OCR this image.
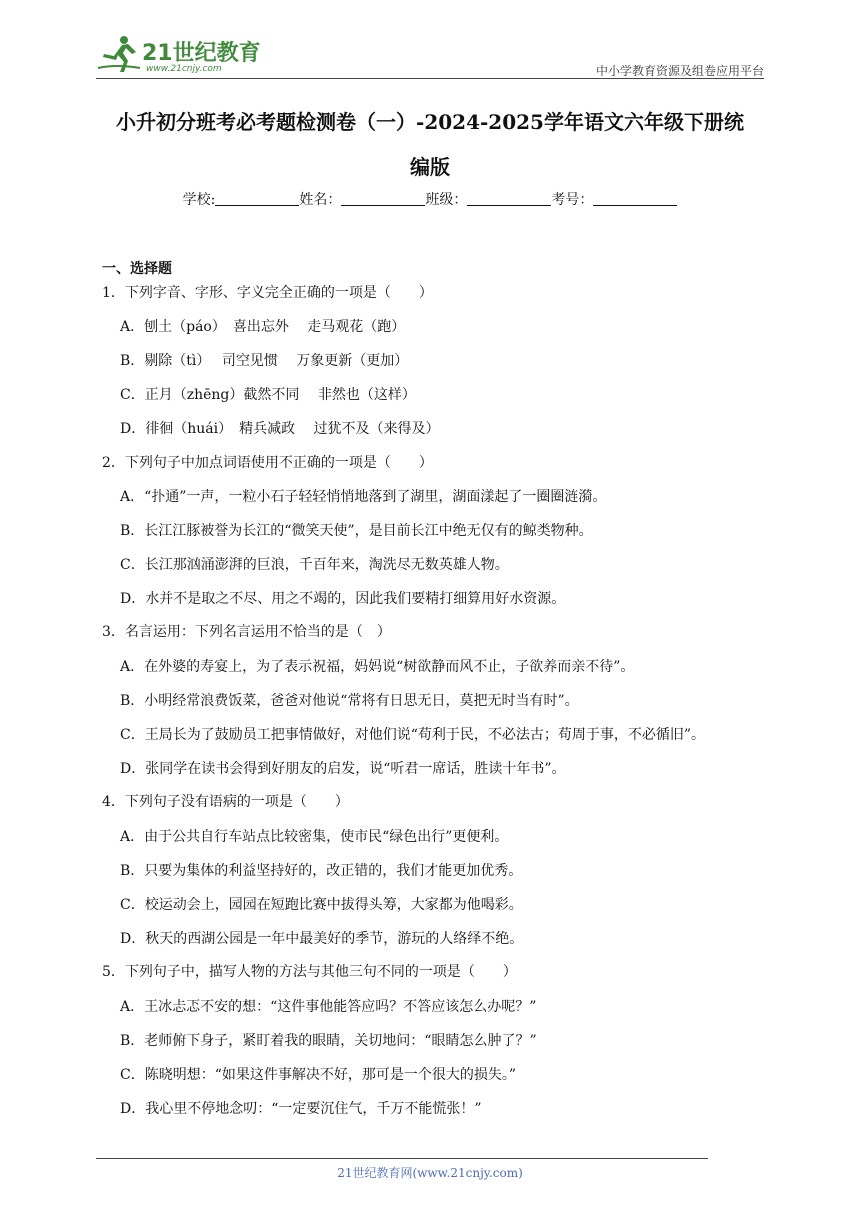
21世纪教育
www.21cnjy.com	中小学教育资源及组卷应用平台
小升初分班考必考题检测卷（一）-2024-2025学年语文六年级下册统
编版
学校:	姓名：	班级：	考号：
一、选择题
1．下列字音、字形、字义完全正确的一项是（　　）
A．刨土（páo）　喜出忘外　 走马观花（跑）
B．剔除（tì）　 司空见惯　 万象更新（更加）
C．正月（zhēng）截然不同　 非然也（这样）
D．徘徊（huái）　精兵减政　 过犹不及（来得及）
2．下列句子中加点词语使用不正确的一项是（　　）
A．“扑通”一声，一粒小石子轻轻悄悄地落到了湖里，湖面漾起了一圈圈涟漪。
B．长江江豚被誉为长江的“微笑天使”，是目前长江中绝无仅有的鲸类物种。
C．长江那汹涌澎湃的巨浪，千百年来，淘洗尽无数英雄人物。
D．水并不是取之不尽、用之不竭的，因此我们要精打细算用好水资源。
3．名言运用：下列名言运用不恰当的是（　）
A．在外婆的寿宴上，为了表示祝福，妈妈说“树欲静而风不止，子欲养而亲不待”。
B．小明经常浪费饭菜，爸爸对他说“常将有日思无日，莫把无时当有时”。
C．王局长为了鼓励员工把事情做好，对他们说“苟利于民，不必法古；苟周于事，不必循旧”。
D．张同学在读书会得到好朋友的启发，说“听君一席话，胜读十年书”。
4．下列句子没有语病的一项是（　　）
A．由于公共自行车站点比较密集，使市民“绿色出行”更便利。
B．只要为集体的利益坚持好的，改正错的，我们才能更加优秀。
C．校运动会上，园园在短跑比赛中拔得头筹，大家都为他喝彩。
D．秋天的西湖公园是一年中最美好的季节，游玩的人络绎不绝。
5．下列句子中，描写人物的方法与其他三句不同的一项是（　　）
A．王冰忐忑不安的想：“这件事他能答应吗？不答应该怎么办呢？”
B．老师俯下身子，紧盯着我的眼睛，关切地问：“眼睛怎么肿了？”
C．陈晓明想：“如果这件事解决不好，那可是一个很大的损失。”
D．我心里不停地念叨：“一定要沉住气，千万不能慌张！”
21世纪教育网(www.21cnjy.com)
